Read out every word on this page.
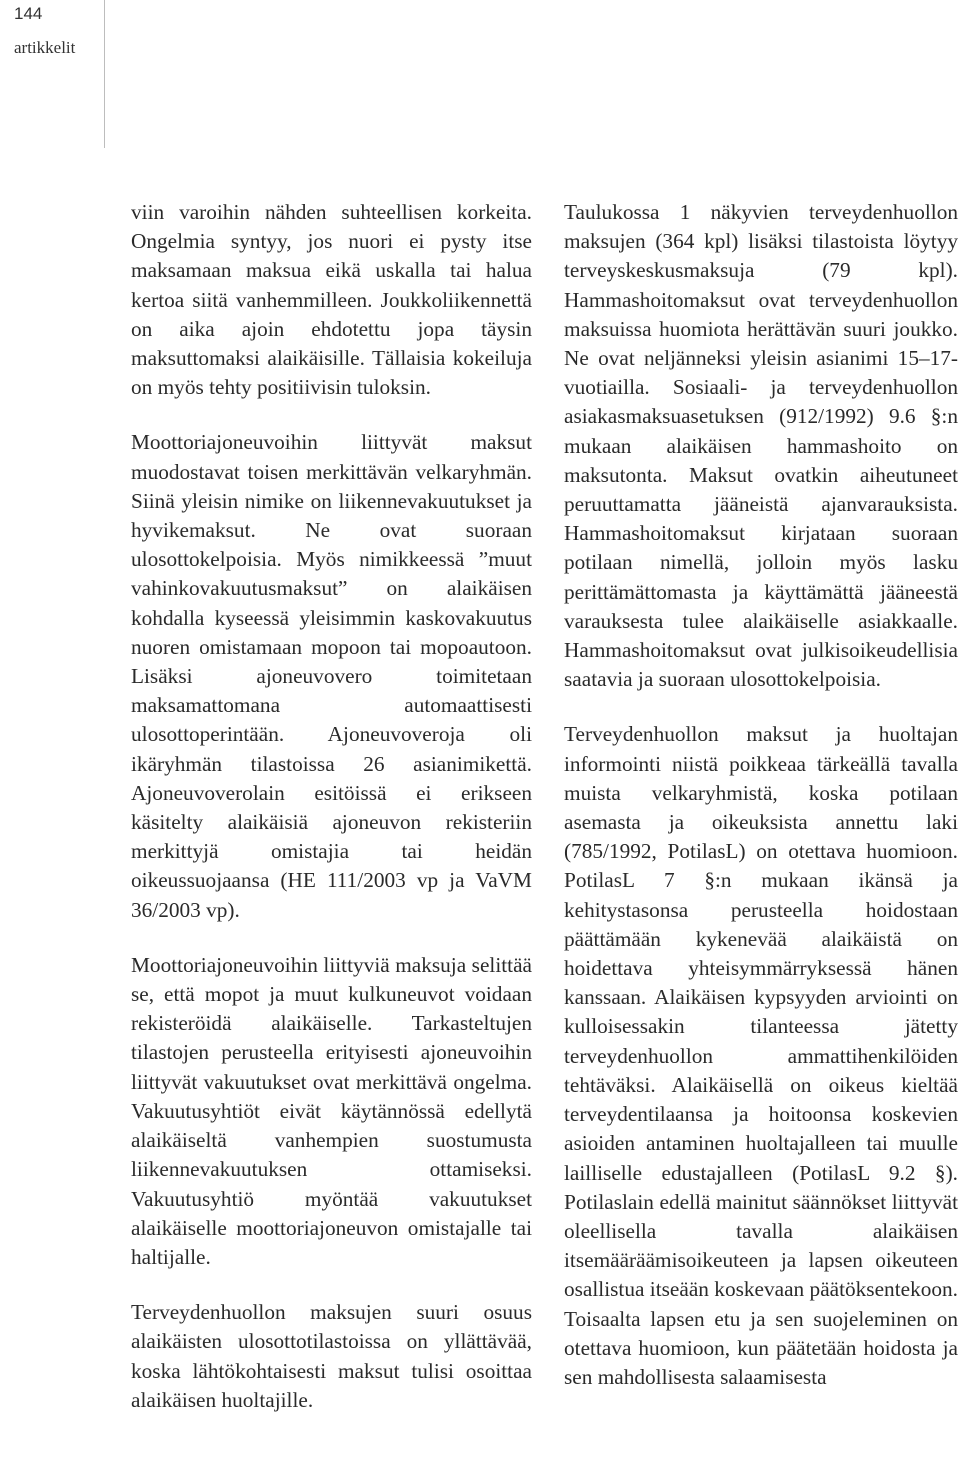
144
artikkelit

viin varoihin nähden suhteellisen korkeita. Ongelmia syntyy, jos nuori ei pysty itse maksamaan maksua eikä uskalla tai halua kertoa siitä vanhemmilleen. Joukkoliikennettä on aika ajoin ehdotettu jopa täysin maksuttomaksi alaikäisille. Tällaisia kokeiluja on myös tehty positiivisin tuloksin.

Moottoriajoneuvoihin liittyvät maksut muodostavat toisen merkittävän velkaryhmän. Siinä yleisin nimike on liikennevakuutukset ja hyvikemaksut. Ne ovat suoraan ulosottokelpoisia. Myös nimikkeessä ”muut vahinkovakuutusmaksut” on alaikäisen kohdalla kyseessä yleisimmin kaskovakuutus nuoren omistamaan mopoon tai mopoautoon. Lisäksi ajoneuvovero toimitetaan maksamattomana automaattisesti ulosottoperintään. Ajoneuvoveroja oli ikäryhmän tilastoissa 26 asianimikettä. Ajoneuvoverolain esitöissä ei erikseen käsitelty alaikäisiä ajoneuvon rekisteriin merkittyjä omistajia tai heidän oikeussuojaansa (HE 111/2003 vp ja VaVM 36/2003 vp).

Moottoriajoneuvoihin liittyviä maksuja selittää se, että mopot ja muut kulkuneuvot voidaan rekisteröidä alaikäiselle. Tarkasteltujen tilastojen perusteella erityisesti ajoneuvoihin liittyvät vakuutukset ovat merkittävä ongelma. Vakuutusyhtiöt eivät käytännössä edellytä alaikäiseltä vanhempien suostumusta liikennevakuutuksen ottamiseksi. Vakuutusyhtiö myöntää vakuutukset alaikäiselle moottoriajoneuvon omistajalle tai haltijalle.

Terveydenhuollon maksujen suuri osuus alaikäisten ulosottotilastoissa on yllättävää, koska lähtökohtaisesti maksut tulisi osoittaa alaikäisen huoltajille.

Taulukossa 1 näkyvien terveydenhuollon maksujen (364 kpl) lisäksi tilastoista löytyy terveyskeskusmaksuja (79 kpl). Hammashoitomaksut ovat terveydenhuollon maksuissa huomiota herättävän suuri joukko. Ne ovat neljänneksi yleisin asianimi 15–17-vuotiailla. Sosiaali- ja terveydenhuollon asiakasmaksuasetuksen (912/1992) 9.6 §:n mukaan alaikäisen hammashoito on maksutonta. Maksut ovatkin aiheutuneet peruuttamatta jääneistä ajanvarauksista. Hammashoitomaksut kirjataan suoraan potilaan nimellä, jolloin myös lasku perittämättomasta ja käyttämättä jääneestä varauksesta tulee alaikäiselle asiakkaalle. Hammashoitomaksut ovat julkisoikeudellisia saatavia ja suoraan ulosottokelpoisia.

Terveydenhuollon maksut ja huoltajan informointi niistä poikkeaa tärkeällä tavalla muista velkaryhmistä, koska potilaan asemasta ja oikeuksista annettu laki (785/1992, PotilasL) on otettava huomioon. PotilasL 7 §:n mukaan ikänsä ja kehitystasonsa perusteella hoidostaan päättämään kykenevää alaikäistä on hoidettava yhteisymmärryksessä hänen kanssaan. Alaikäisen kypsyyden arviointi on kulloisessakin tilanteessa jätetty terveydenhuollon ammattihenkilöiden tehtäväksi. Alaikäisellä on oikeus kieltää terveydentilaansa ja hoitoonsa koskevien asioiden antaminen huoltajalleen tai muulle lailliselle edustajalleen (PotilasL 9.2 §). Potilaslain edellä mainitut säännökset liittyvät oleellisella tavalla alaikäisen itsemääräämisoikeuteen ja lapsen oikeuteen osallistua itseään koskevaan päätöksentekoon. Toisaalta lapsen etu ja sen suojeleminen on otettava huomioon, kun päätetään hoidosta ja sen mahdollisesta salaamisesta
